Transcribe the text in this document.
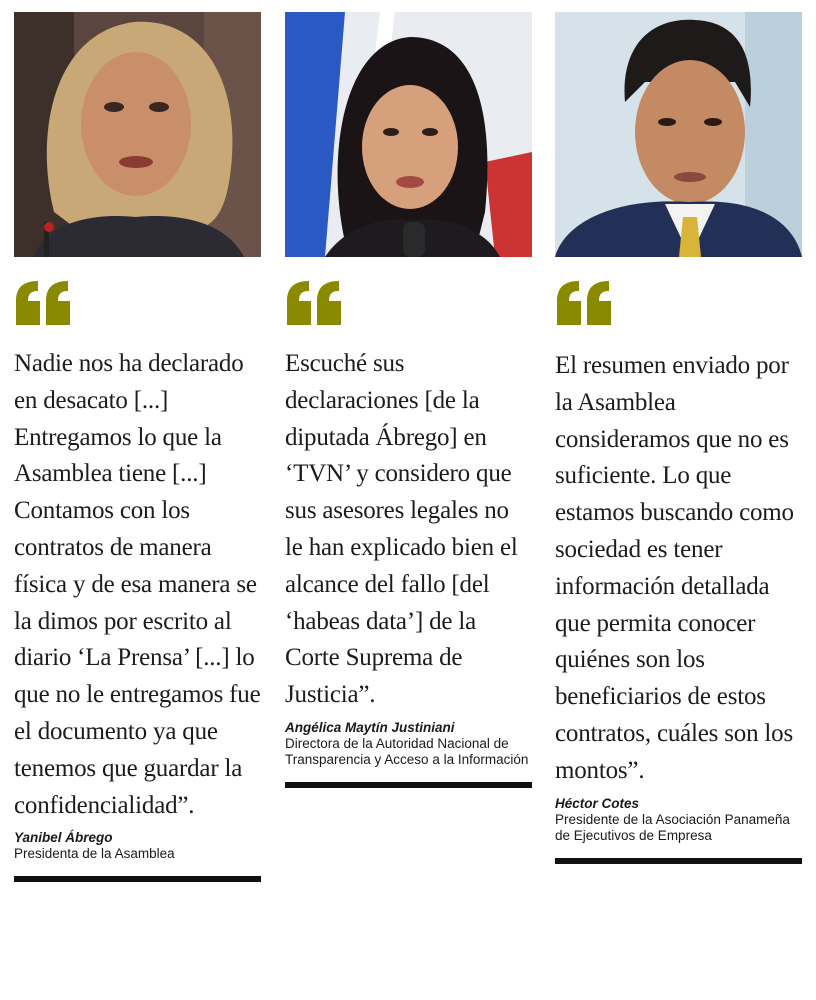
Nadie nos ha declarado en desacato [...] Entregamos lo que la Asamblea tiene [...] Contamos con los contratos de manera física y de esa manera se la dimos por escrito al diario ‘La Prensa’ [...] lo que no le entregamos fue el documento ya que tenemos que guardar la confidencialidad”.
Yanibel Ábrego
Presidenta de la Asamblea
Escuché sus declaraciones [de la diputada Ábrego] en ‘TVN’ y considero que sus asesores legales no le han explicado bien el alcance del fallo [del ‘habeas data’] de la Corte Suprema de Justicia”.
Angélica Maytín Justiniani
Directora de la Autoridad Nacional de Transparencia y Acceso a la Información
El resumen enviado por la Asamblea consideramos que no es suficiente. Lo que estamos buscando como sociedad es tener información detallada que permita conocer quiénes son los beneficiarios de estos contratos, cuáles son los montos”.
Héctor Cotes
Presidente de la Asociación Panameña de Ejecutivos de Empresa
